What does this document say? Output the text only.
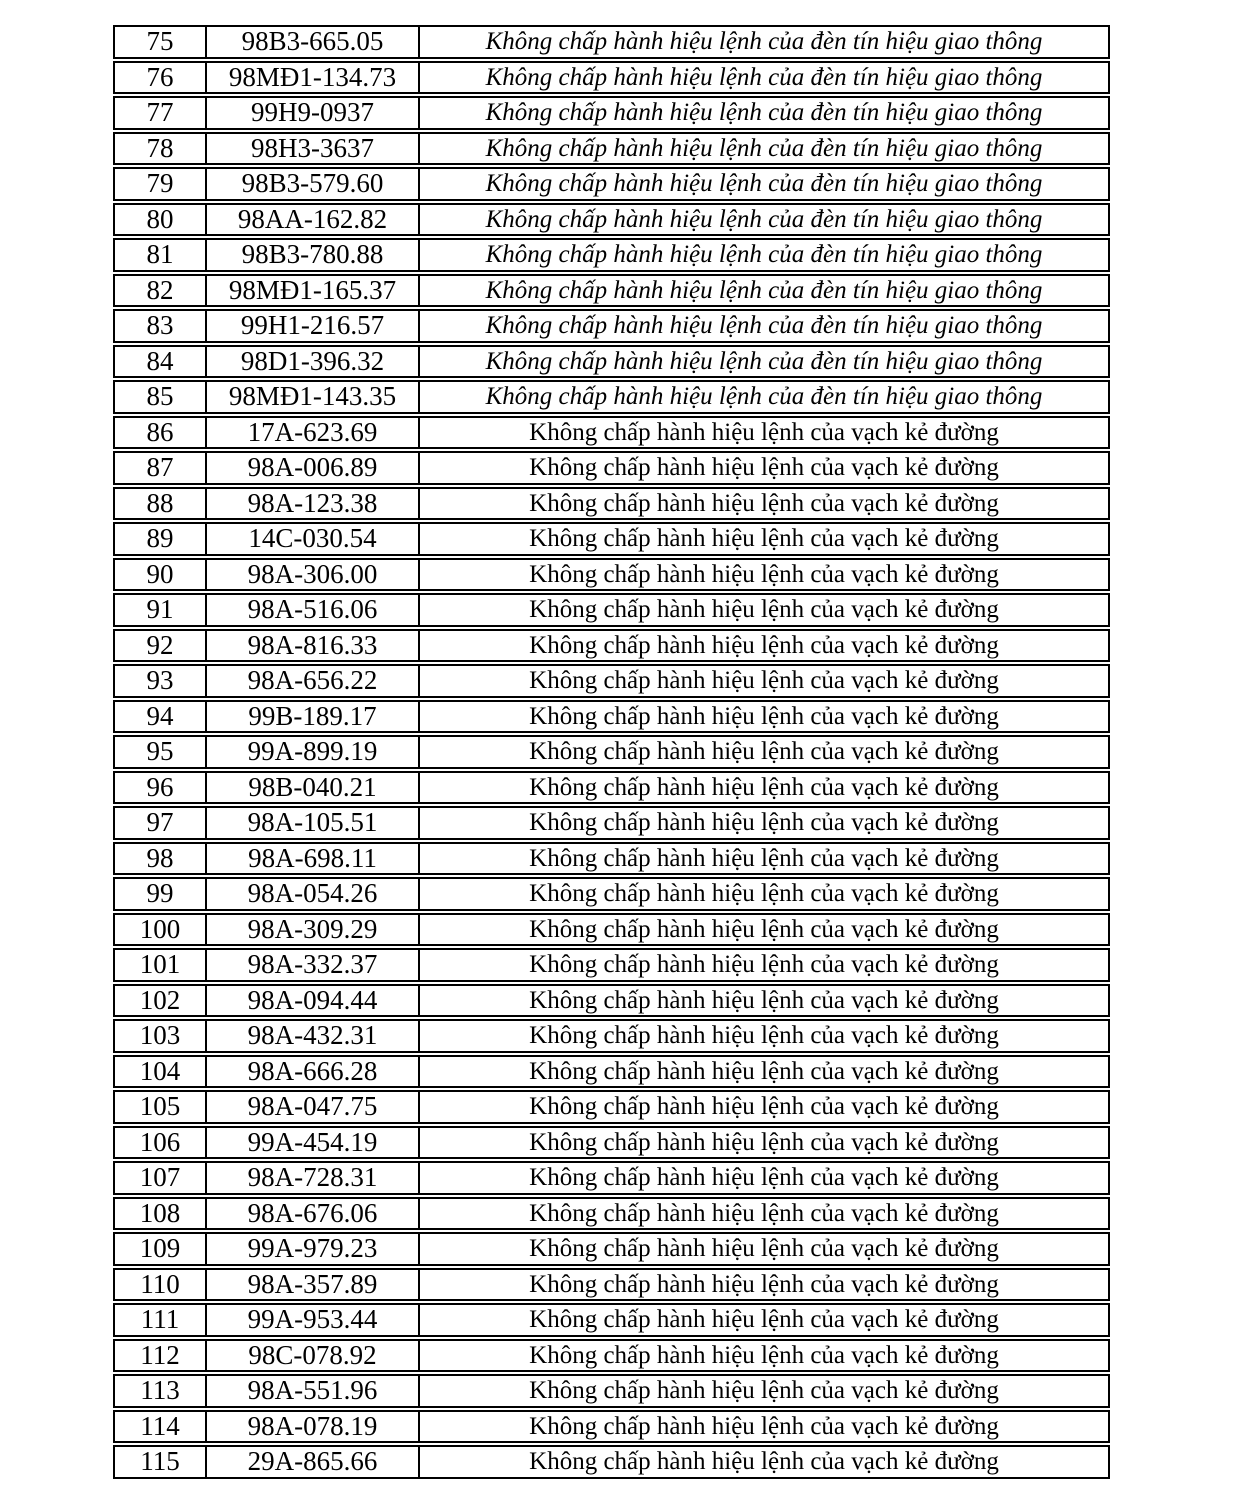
75	98B3-665.05	Không chấp hành hiệu lệnh của đèn tín hiệu giao thông
76	98MĐ1-134.73	Không chấp hành hiệu lệnh của đèn tín hiệu giao thông
77	99H9-0937	Không chấp hành hiệu lệnh của đèn tín hiệu giao thông
78	98H3-3637	Không chấp hành hiệu lệnh của đèn tín hiệu giao thông
79	98B3-579.60	Không chấp hành hiệu lệnh của đèn tín hiệu giao thông
80	98AA-162.82	Không chấp hành hiệu lệnh của đèn tín hiệu giao thông
81	98B3-780.88	Không chấp hành hiệu lệnh của đèn tín hiệu giao thông
82	98MĐ1-165.37	Không chấp hành hiệu lệnh của đèn tín hiệu giao thông
83	99H1-216.57	Không chấp hành hiệu lệnh của đèn tín hiệu giao thông
84	98D1-396.32	Không chấp hành hiệu lệnh của đèn tín hiệu giao thông
85	98MĐ1-143.35	Không chấp hành hiệu lệnh của đèn tín hiệu giao thông
86	17A-623.69	Không chấp hành hiệu lệnh của vạch kẻ đường
87	98A-006.89	Không chấp hành hiệu lệnh của vạch kẻ đường
88	98A-123.38	Không chấp hành hiệu lệnh của vạch kẻ đường
89	14C-030.54	Không chấp hành hiệu lệnh của vạch kẻ đường
90	98A-306.00	Không chấp hành hiệu lệnh của vạch kẻ đường
91	98A-516.06	Không chấp hành hiệu lệnh của vạch kẻ đường
92	98A-816.33	Không chấp hành hiệu lệnh của vạch kẻ đường
93	98A-656.22	Không chấp hành hiệu lệnh của vạch kẻ đường
94	99B-189.17	Không chấp hành hiệu lệnh của vạch kẻ đường
95	99A-899.19	Không chấp hành hiệu lệnh của vạch kẻ đường
96	98B-040.21	Không chấp hành hiệu lệnh của vạch kẻ đường
97	98A-105.51	Không chấp hành hiệu lệnh của vạch kẻ đường
98	98A-698.11	Không chấp hành hiệu lệnh của vạch kẻ đường
99	98A-054.26	Không chấp hành hiệu lệnh của vạch kẻ đường
100	98A-309.29	Không chấp hành hiệu lệnh của vạch kẻ đường
101	98A-332.37	Không chấp hành hiệu lệnh của vạch kẻ đường
102	98A-094.44	Không chấp hành hiệu lệnh của vạch kẻ đường
103	98A-432.31	Không chấp hành hiệu lệnh của vạch kẻ đường
104	98A-666.28	Không chấp hành hiệu lệnh của vạch kẻ đường
105	98A-047.75	Không chấp hành hiệu lệnh của vạch kẻ đường
106	99A-454.19	Không chấp hành hiệu lệnh của vạch kẻ đường
107	98A-728.31	Không chấp hành hiệu lệnh của vạch kẻ đường
108	98A-676.06	Không chấp hành hiệu lệnh của vạch kẻ đường
109	99A-979.23	Không chấp hành hiệu lệnh của vạch kẻ đường
110	98A-357.89	Không chấp hành hiệu lệnh của vạch kẻ đường
111	99A-953.44	Không chấp hành hiệu lệnh của vạch kẻ đường
112	98C-078.92	Không chấp hành hiệu lệnh của vạch kẻ đường
113	98A-551.96	Không chấp hành hiệu lệnh của vạch kẻ đường
114	98A-078.19	Không chấp hành hiệu lệnh của vạch kẻ đường
115	29A-865.66	Không chấp hành hiệu lệnh của vạch kẻ đường
